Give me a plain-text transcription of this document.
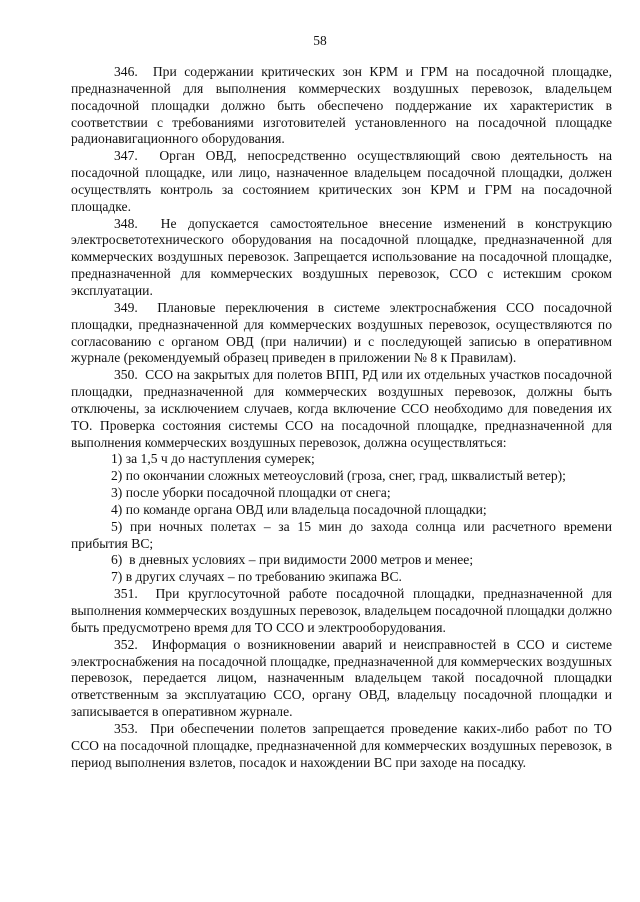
58

346.  При содержании критических зон КРМ и ГРМ на посадочной площадке, предназначенной для выполнения коммерческих воздушных перевозок, владельцем посадочной площадки должно быть обеспечено поддержание их характеристик в соответствии с требованиями изготовителей установленного на посадочной площадке радионавигационного оборудования.

347.  Орган ОВД, непосредственно осуществляющий свою деятельность на посадочной площадке, или лицо, назначенное владельцем посадочной площадки, должен осуществлять контроль за состоянием критических зон КРМ и ГРМ на посадочной площадке.

348.  Не допускается самостоятельное внесение изменений в конструкцию электросветотехнического оборудования на посадочной площадке, предназначенной для коммерческих воздушных перевозок. Запрещается использование на посадочной площадке, предназначенной для коммерческих воздушных перевозок, ССО с истекшим сроком эксплуатации.

349.  Плановые переключения в системе электроснабжения ССО посадочной площадки, предназначенной для коммерческих воздушных перевозок, осуществляются по согласованию с органом ОВД (при наличии) и с последующей записью в оперативном журнале (рекомендуемый образец приведен в приложении № 8 к Правилам).

350.  ССО на закрытых для полетов ВПП, РД или их отдельных участков посадочной площадки, предназначенной для коммерческих воздушных перевозок, должны быть отключены, за исключением случаев, когда включение ССО необходимо для поведения их ТО. Проверка состояния системы ССО на посадочной площадке, предназначенной для выполнения коммерческих воздушных перевозок, должна осуществляться:

1) за 1,5 ч до наступления сумерек;

2) по окончании сложных метеоусловий (гроза, снег, град, шквалистый ветер);

3) после уборки посадочной площадки от снега;

4) по команде органа ОВД или владельца посадочной площадки;

5) при ночных полетах – за 15 мин до захода солнца или расчетного времени прибытия ВС;

6)  в дневных условиях – при видимости 2000 метров и менее;

7) в других случаях – по требованию экипажа ВС.

351.  При круглосуточной работе посадочной площадки, предназначенной для выполнения коммерческих воздушных перевозок, владельцем посадочной площадки должно быть предусмотрено время для ТО ССО и электрооборудования.

352.  Информация о возникновении аварий и неисправностей в ССО и системе электроснабжения на посадочной площадке, предназначенной для коммерческих воздушных перевозок, передается лицом, назначенным владельцем такой посадочной площадки ответственным за эксплуатацию ССО, органу ОВД, владельцу посадочной площадки и записывается в оперативном журнале.

353.  При обеспечении полетов запрещается проведение каких-либо работ по ТО ССО на посадочной площадке, предназначенной для коммерческих воздушных перевозок, в период выполнения взлетов, посадок и нахождении ВС при заходе на посадку.
